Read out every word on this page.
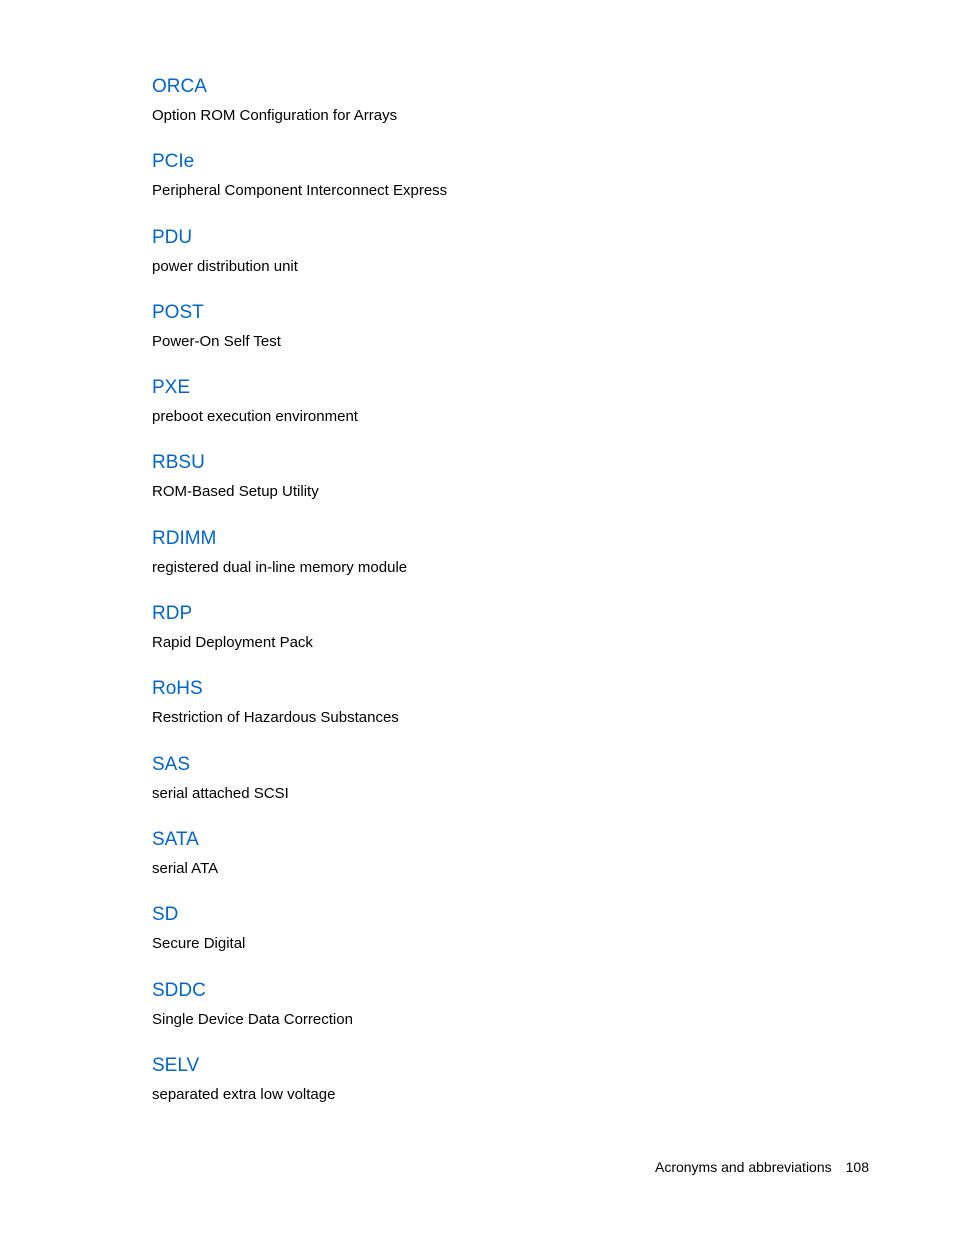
ORCA
Option ROM Configuration for Arrays
PCIe
Peripheral Component Interconnect Express
PDU
power distribution unit
POST
Power-On Self Test
PXE
preboot execution environment
RBSU
ROM-Based Setup Utility
RDIMM
registered dual in-line memory module
RDP
Rapid Deployment Pack
RoHS
Restriction of Hazardous Substances
SAS
serial attached SCSI
SATA
serial ATA
SD
Secure Digital
SDDC
Single Device Data Correction
SELV
separated extra low voltage
Acronyms and abbreviations 108
